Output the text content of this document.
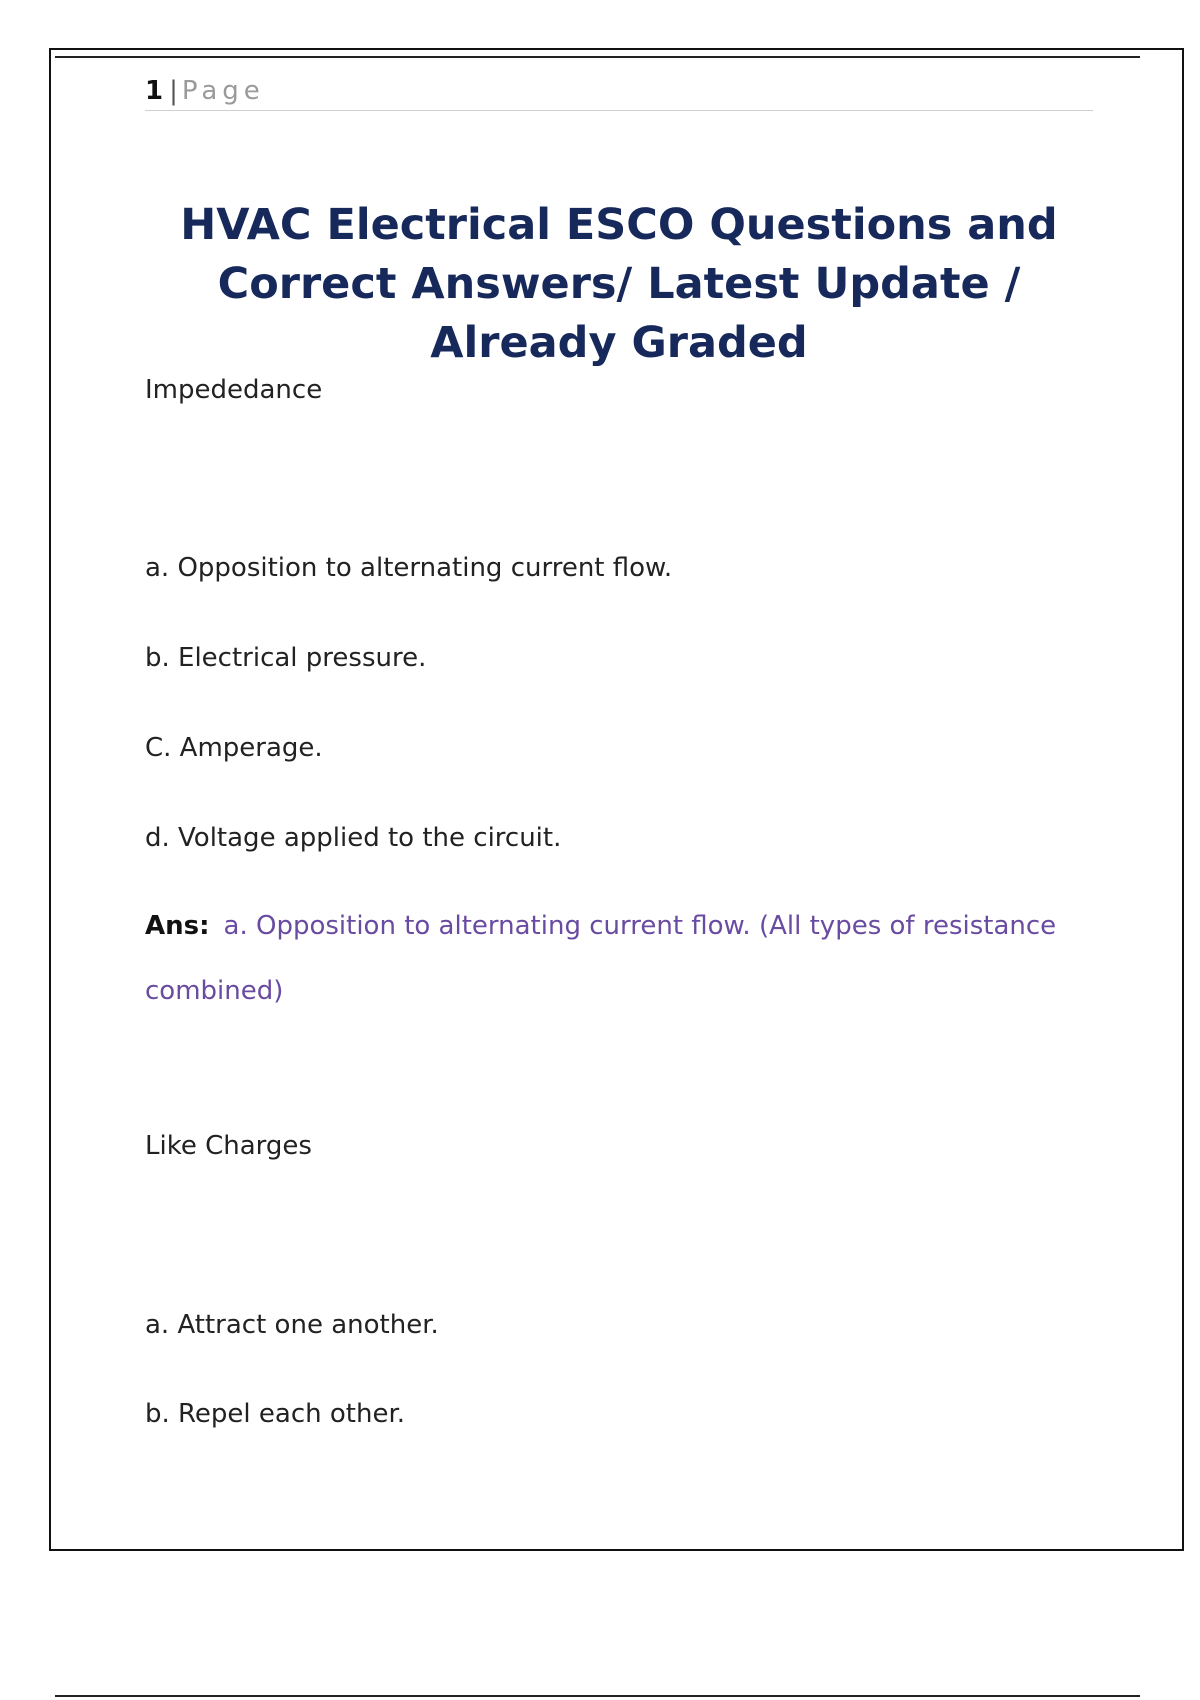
1 | Page
HVAC Electrical ESCO Questions and Correct Answers/ Latest Update / Already Graded
Impededance
a. Opposition to alternating current flow.
b. Electrical pressure.
C. Amperage.
d. Voltage applied to the circuit.
Ans: a. Opposition to alternating current flow. (All types of resistance
combined)
Like Charges
a. Attract one another.
b. Repel each other.
